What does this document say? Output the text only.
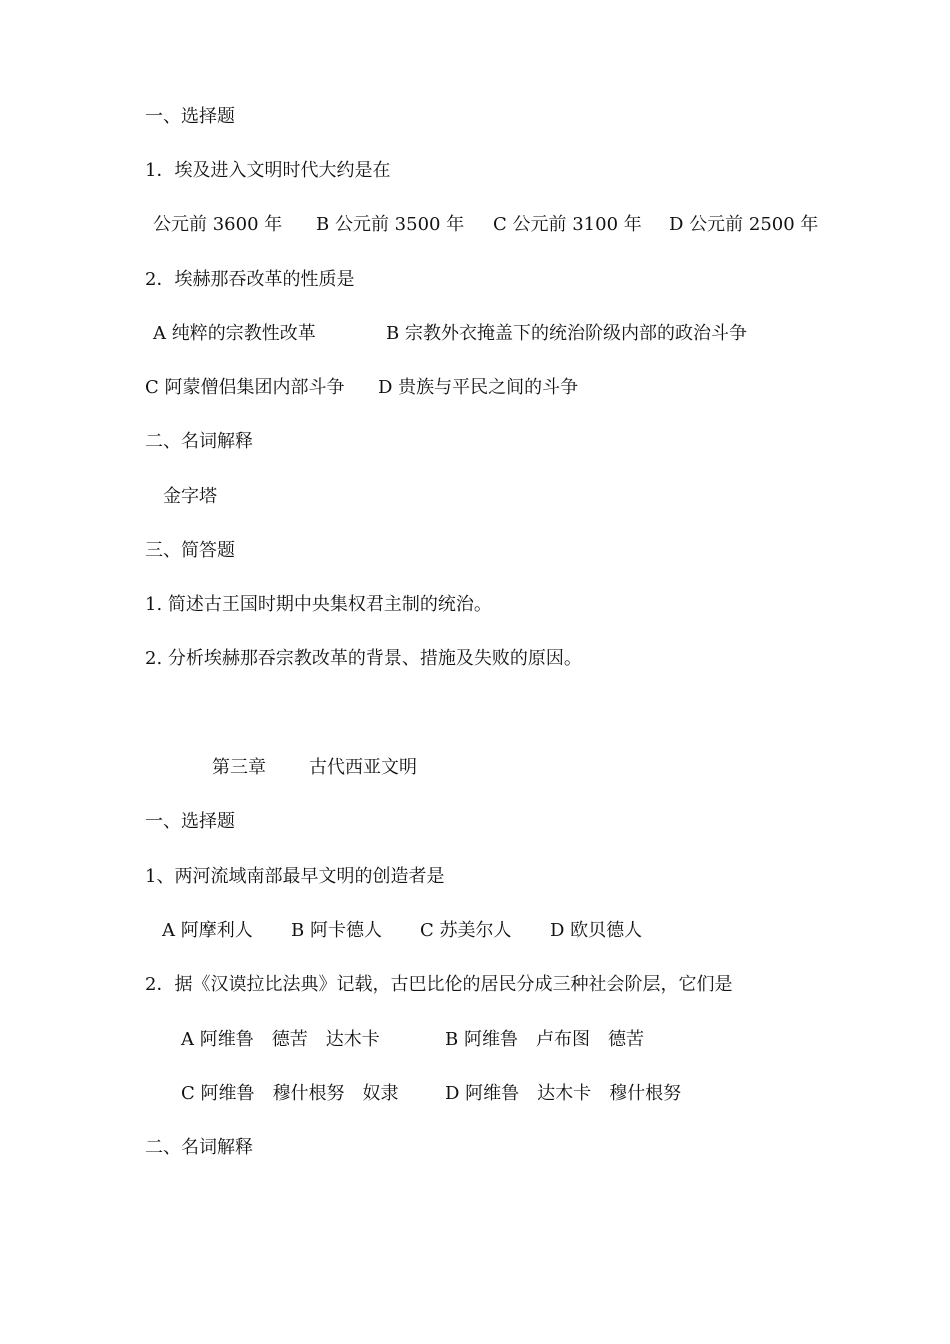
一、选择题
1．埃及进入文明时代大约是在
公元前 3600 年 B 公元前 3500 年 C 公元前 3100 年 D 公元前 2500 年
2．埃赫那吞改革的性质是
A 纯粹的宗教性改革	B 宗教外衣掩盖下的统治阶级内部的政治斗争
C 阿蒙僧侣集团内部斗争 D 贵族与平民之间的斗争
二、名词解释
金字塔
三、简答题
1. 简述古王国时期中央集权君主制的统治。
2. 分析埃赫那吞宗教改革的背景、措施及失败的原因。
第三章 古代西亚文明
一、选择题
1、两河流域南部最早文明的创造者是
A 阿摩利人 B 阿卡德人 C 苏美尔人 D 欧贝德人
2．据《汉谟拉比法典》记载，古巴比伦的居民分成三种社会阶层，它们是
A 阿维鲁　德苦　达木卡	B 阿维鲁　卢布图　德苦
C 阿维鲁　穆什根努　奴隶	D 阿维鲁　达木卡　穆什根努
二、名词解释
